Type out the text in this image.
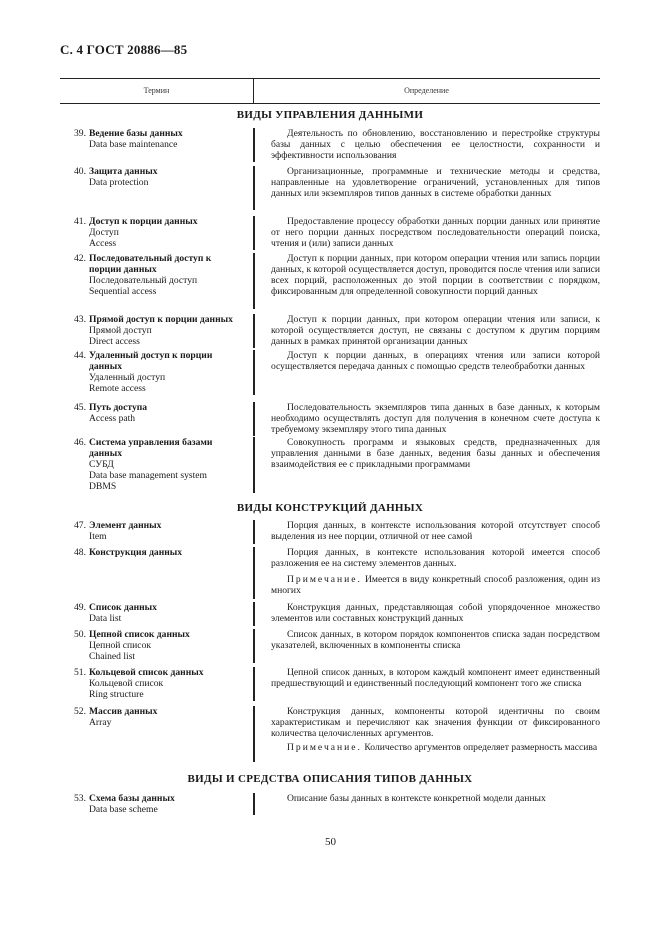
С. 4 ГОСТ 20886—85
Термин	Определение
ВИДЫ УПРАВЛЕНИЯ ДАННЫМИ
ВИДЫ КОНСТРУКЦИЙ ДАННЫХ
ВИДЫ И СРЕДСТВА ОПИСАНИЯ ТИПОВ ДАННЫХ
39. Ведение базы данных
Data base maintenance
Деятельность по обновлению, восстановлению и перестройке структуры базы данных с целью обеспечения ее целостности, сохранности и эффективности использования
40. Защита данных
Data protection
Организационные, программные и технические методы и средства, направленные на удовлетворение ограничений, установленных для типов данных или экземпляров типов данных в системе обработки данных
41. Доступ к порции данных
Доступ
Access
Предоставление процессу обработки данных порции данных или принятие от него порции данных посредством последовательности операций поиска, чтения и (или) записи данных
42. Последовательный доступ к порции данных
Последовательный доступ
Sequential access
Доступ к порции данных, при котором операции чтения или запись порции данных, к которой осуществляется доступ, проводится после чтения или записи всех порций, расположенных до этой порции в соответствии с порядком, фиксированным для определенной совокупности порций данных
43. Прямой доступ к порции данных
Прямой доступ
Direct access
Доступ к порции данных, при котором операции чтения или записи, к которой осуществляется доступ, не связаны с доступом к другим порциям данных в рамках принятой организации данных
44. Удаленный доступ к порции данных
Удаленный доступ
Remote access
Доступ к порции данных, в операциях чтения или записи которой осуществляется передача данных с помощью средств телеобработки данных
45. Путь доступа
Access path
Последовательность экземпляров типа данных в базе данных, к которым необходимо осуществлять доступ для получения в конечном счете доступа к требуемому экземпляру этого типа данных
46. Система управления базами данных
СУБД
Data base management system
DBMS
Совокупность программ и языковых средств, предназначенных для управления данными в базе данных, ведения базы данных и обеспечения взаимодействия ее с прикладными программами
47. Элемент данных
Item
Порция данных, в контексте использования которой отсутствует способ выделения из нее порции, отличной от нее самой
48. Конструкция данных	Порция данных, в контексте использования которой имеется способ разложения ее на систему элементов данных.
Примечание. Имеется в виду конкретный способ разложения, один из многих
49. Список данных
Data list
Конструкция данных, представляющая собой упорядоченное множество элементов или составных конструкций данных
50. Цепной список данных
Цепной список
Chained list
Список данных, в котором порядок компонентов списка задан посредством указателей, включенных в компоненты списка
51. Кольцевой список данных
Кольцевой список
Ring structure
Цепной список данных, в котором каждый компонент имеет единственный предшествующий и единственный последующий компонент того же списка
52. Массив данных
Array
Конструкция данных, компоненты которой идентичны по своим характеристикам и перечисляют как значения функции от фиксированного количества целочисленных аргументов.
Примечание. Количество аргументов определяет размерность массива
53. Схема базы данных
Data base scheme
Описание базы данных в контексте конкретной модели данных
50
